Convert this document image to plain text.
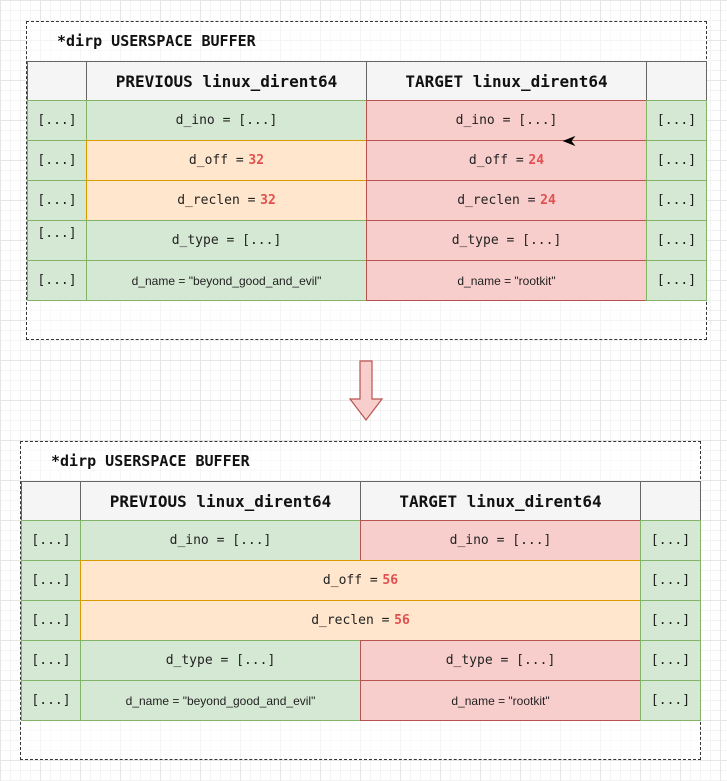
*dirp USERSPACE BUFFER
PREVIOUS linux_dirent64	TARGET linux_dirent64
[...]	d_ino = [...]	d_ino = [...]	[...]
[...]	d_off = 32	d_off = 24	[...]
[...]	d_reclen = 32	d_reclen = 24	[...]
[...]	d_type = [...]	d_type = [...]	[...]
[...]	d_name = "beyond_good_and_evil"	d_name = "rootkit"	[...]
*dirp USERSPACE BUFFER
PREVIOUS linux_dirent64	TARGET linux_dirent64
[...]	d_ino = [...]	d_ino = [...]	[...]
[...]	d_off = 56	[...]
[...]	d_reclen = 56	[...]
[...]	d_type = [...]	d_type = [...]	[...]
[...]	d_name = "beyond_good_and_evil"	d_name = "rootkit"	[...]
